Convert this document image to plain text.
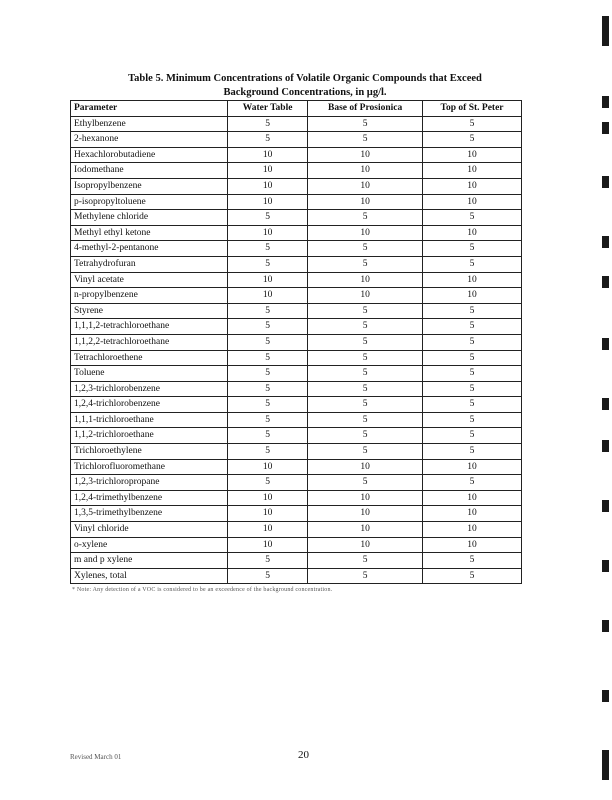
Table 5. Minimum Concentrations of Volatile Organic Compounds that Exceed
Background Concentrations, in µg/l.
Parameter	Water Table	Base of Prosionica	Top of St. Peter
Ethylbenzene	5	5	5
2-hexanone	5	5	5
Hexachlorobutadiene	10	10	10
Iodomethane	10	10	10
Isopropylbenzene	10	10	10
p-isopropyltoluene	10	10	10
Methylene chloride	5	5	5
Methyl ethyl ketone	10	10	10
4-methyl-2-pentanone	5	5	5
Tetrahydrofuran	5	5	5
Vinyl acetate	10	10	10
n-propylbenzene	10	10	10
Styrene	5	5	5
1,1,1,2-tetrachloroethane	5	5	5
1,1,2,2-tetrachloroethane	5	5	5
Tetrachloroethene	5	5	5
Toluene	5	5	5
1,2,3-trichlorobenzene	5	5	5
1,2,4-trichlorobenzene	5	5	5
1,1,1-trichloroethane	5	5	5
1,1,2-trichloroethane	5	5	5
Trichloroethylene	5	5	5
Trichlorofluoromethane	10	10	10
1,2,3-trichloropropane	5	5	5
1,2,4-trimethylbenzene	10	10	10
1,3,5-trimethylbenzene	10	10	10
Vinyl chloride	10	10	10
o-xylene	10	10	10
m and p xylene	5	5	5
Xylenes, total	5	5	5
* Note: Any detection of a VOC is considered to be an exceedence of the background concentration.
Revised March 01	20
